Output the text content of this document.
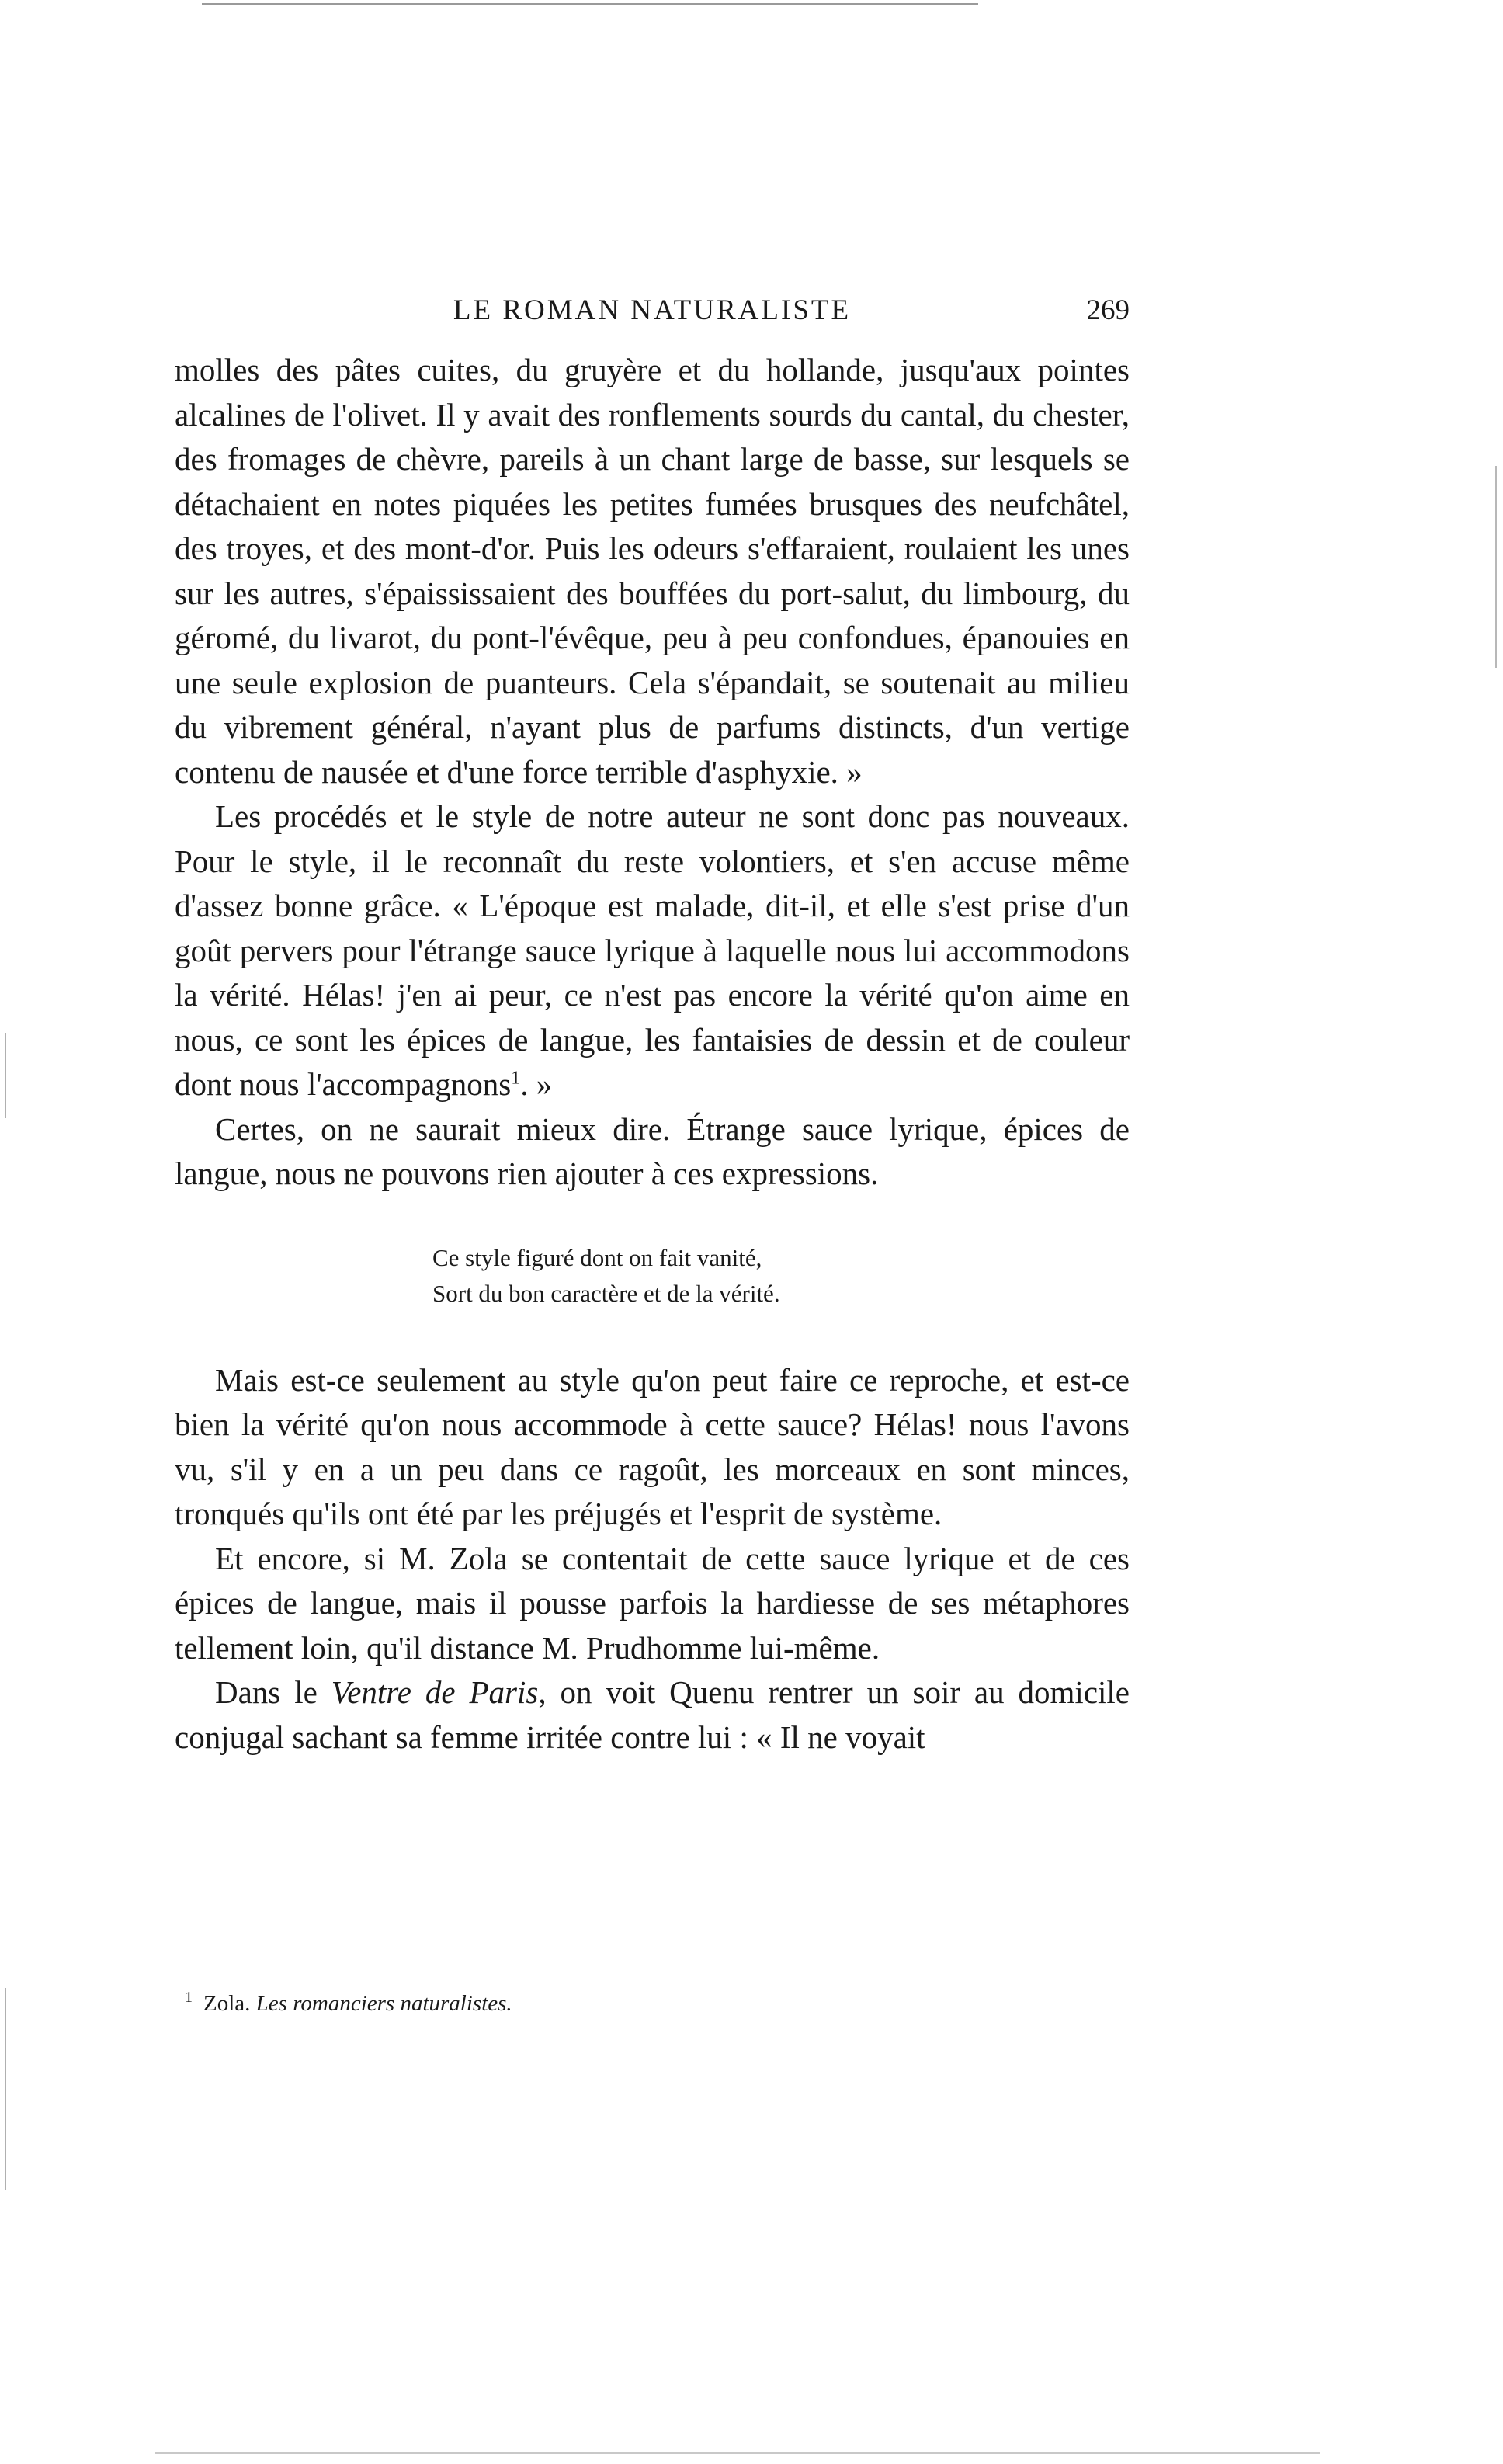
LE ROMAN NATURALISTE	269

molles des pâtes cuites, du gruyère et du hollande, jusqu'aux pointes alcalines de l'olivet. Il y avait des ronflements sourds du cantal, du chester, des fromages de chèvre, pareils à un chant large de basse, sur lesquels se détachaient en notes piquées les petites fumées brusques des neufchâtel, des troyes, et des mont-d'or. Puis les odeurs s'effaraient, roulaient les unes sur les autres, s'épaississaient des bouffées du port-salut, du limbourg, du géromé, du livarot, du pont-l'évêque, peu à peu confondues, épanouies en une seule explosion de puanteurs. Cela s'épandait, se soutenait au milieu du vibrement général, n'ayant plus de parfums distincts, d'un vertige contenu de nausée et d'une force terrible d'asphyxie. »

Les procédés et le style de notre auteur ne sont donc pas nouveaux. Pour le style, il le reconnaît du reste volontiers, et s'en accuse même d'assez bonne grâce. « L'époque est malade, dit-il, et elle s'est prise d'un goût pervers pour l'étrange sauce lyrique à laquelle nous lui accommodons la vérité. Hélas! j'en ai peur, ce n'est pas encore la vérité qu'on aime en nous, ce sont les épices de langue, les fantaisies de dessin et de couleur dont nous l'accompagnons$^1$. »

Certes, on ne saurait mieux dire. Étrange sauce lyrique, épices de langue, nous ne pouvons rien ajouter à ces expressions.

Ce style figuré dont on fait vanité,
Sort du bon caractère et de la vérité.

Mais est-ce seulement au style qu'on peut faire ce reproche, et est-ce bien la vérité qu'on nous accommode à cette sauce? Hélas! nous l'avons vu, s'il y en a un peu dans ce ragoût, les morceaux en sont minces, tronqués qu'ils ont été par les préjugés et l'esprit de système.

Et encore, si M. Zola se contentait de cette sauce lyrique et de ces épices de langue, mais il pousse parfois la hardiesse de ses métaphores tellement loin, qu'il distance M. Prudhomme lui-même.

Dans le Ventre de Paris, on voit Quenu rentrer un soir au domicile conjugal sachant sa femme irritée contre lui : « Il ne voyait

$^1$ Zola. Les romanciers naturalistes.
